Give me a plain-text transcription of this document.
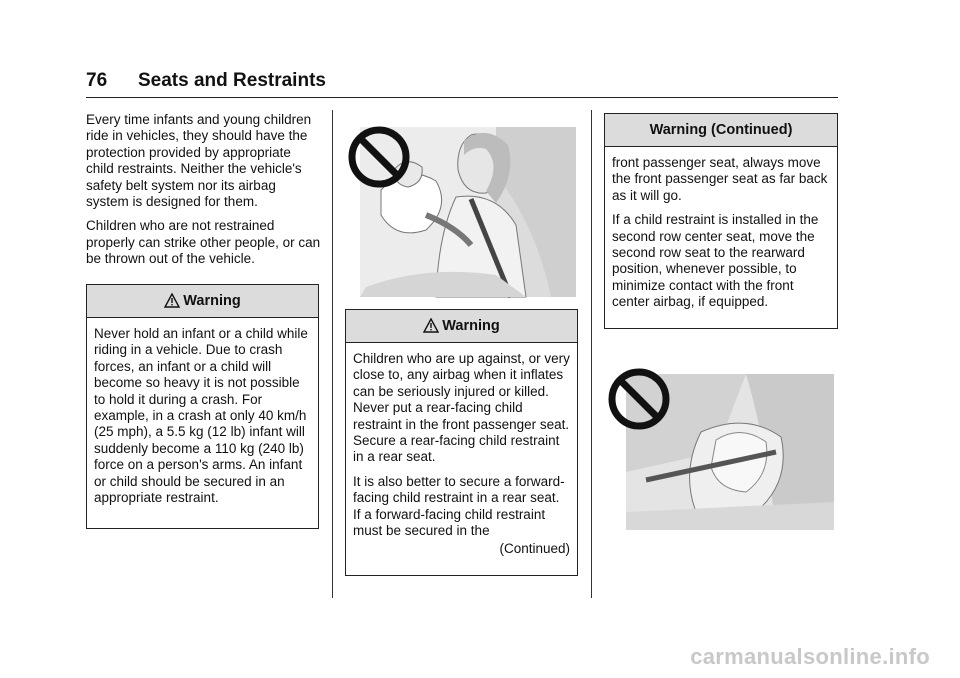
76 Seats and Restraints

Every time infants and young children ride in vehicles, they should have the protection provided by appropriate child restraints. Neither the vehicle's safety belt system nor its airbag system is designed for them.

Children who are not restrained properly can strike other people, or can be thrown out of the vehicle.

Warning

Never hold an infant or a child while riding in a vehicle. Due to crash forces, an infant or a child will become so heavy it is not possible to hold it during a crash. For example, in a crash at only 40 km/h (25 mph), a 5.5 kg (12 lb) infant will suddenly become a 110 kg (240 lb) force on a person's arms. An infant or child should be secured in an appropriate restraint.

Warning

Children who are up against, or very close to, any airbag when it inflates can be seriously injured or killed. Never put a rear-facing child restraint in the front passenger seat. Secure a rear-facing child restraint in a rear seat.

It is also better to secure a forward-facing child restraint in a rear seat. If a forward-facing child restraint must be secured in the

(Continued)

Warning (Continued)

front passenger seat, always move the front passenger seat as far back as it will go.

If a child restraint is installed in the second row center seat, move the second row seat to the rearward position, whenever possible, to minimize contact with the front center airbag, if equipped.

carmanualsonline.info
